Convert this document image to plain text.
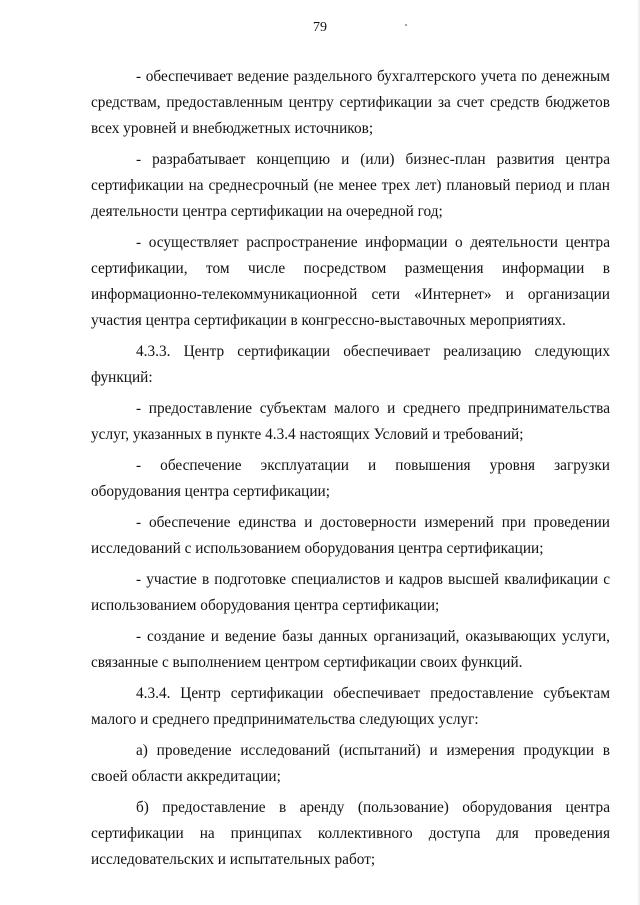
79

- обеспечивает ведение раздельного бухгалтерского учета по денежным средствам, предоставленным центру сертификации за счет средств бюджетов всех уровней и внебюджетных источников;

- разрабатывает концепцию и (или) бизнес-план развития центра сертификации на среднесрочный (не менее трех лет) плановый период и план деятельности центра сертификации на очередной год;

- осуществляет распространение информации о деятельности центра сертификации, том числе посредством размещения информации в информационно-телекоммуникационной сети «Интернет» и организации участия центра сертификации в конгрессно-выставочных мероприятиях.

4.3.3. Центр сертификации обеспечивает реализацию следующих функций:

- предоставление субъектам малого и среднего предпринимательства услуг, указанных в пункте 4.3.4 настоящих Условий и требований;

- обеспечение эксплуатации и повышения уровня загрузки оборудования центра сертификации;

- обеспечение единства и достоверности измерений при проведении исследований с использованием оборудования центра сертификации;

- участие в подготовке специалистов и кадров высшей квалификации с использованием оборудования центра сертификации;

- создание и ведение базы данных организаций, оказывающих услуги, связанные с выполнением центром сертификации своих функций.

4.3.4. Центр сертификации обеспечивает предоставление субъектам малого и среднего предпринимательства следующих услуг:

а) проведение исследований (испытаний) и измерения продукции в своей области аккредитации;

б) предоставление в аренду (пользование) оборудования центра сертификации на принципах коллективного доступа для проведения исследовательских и испытательных работ;
